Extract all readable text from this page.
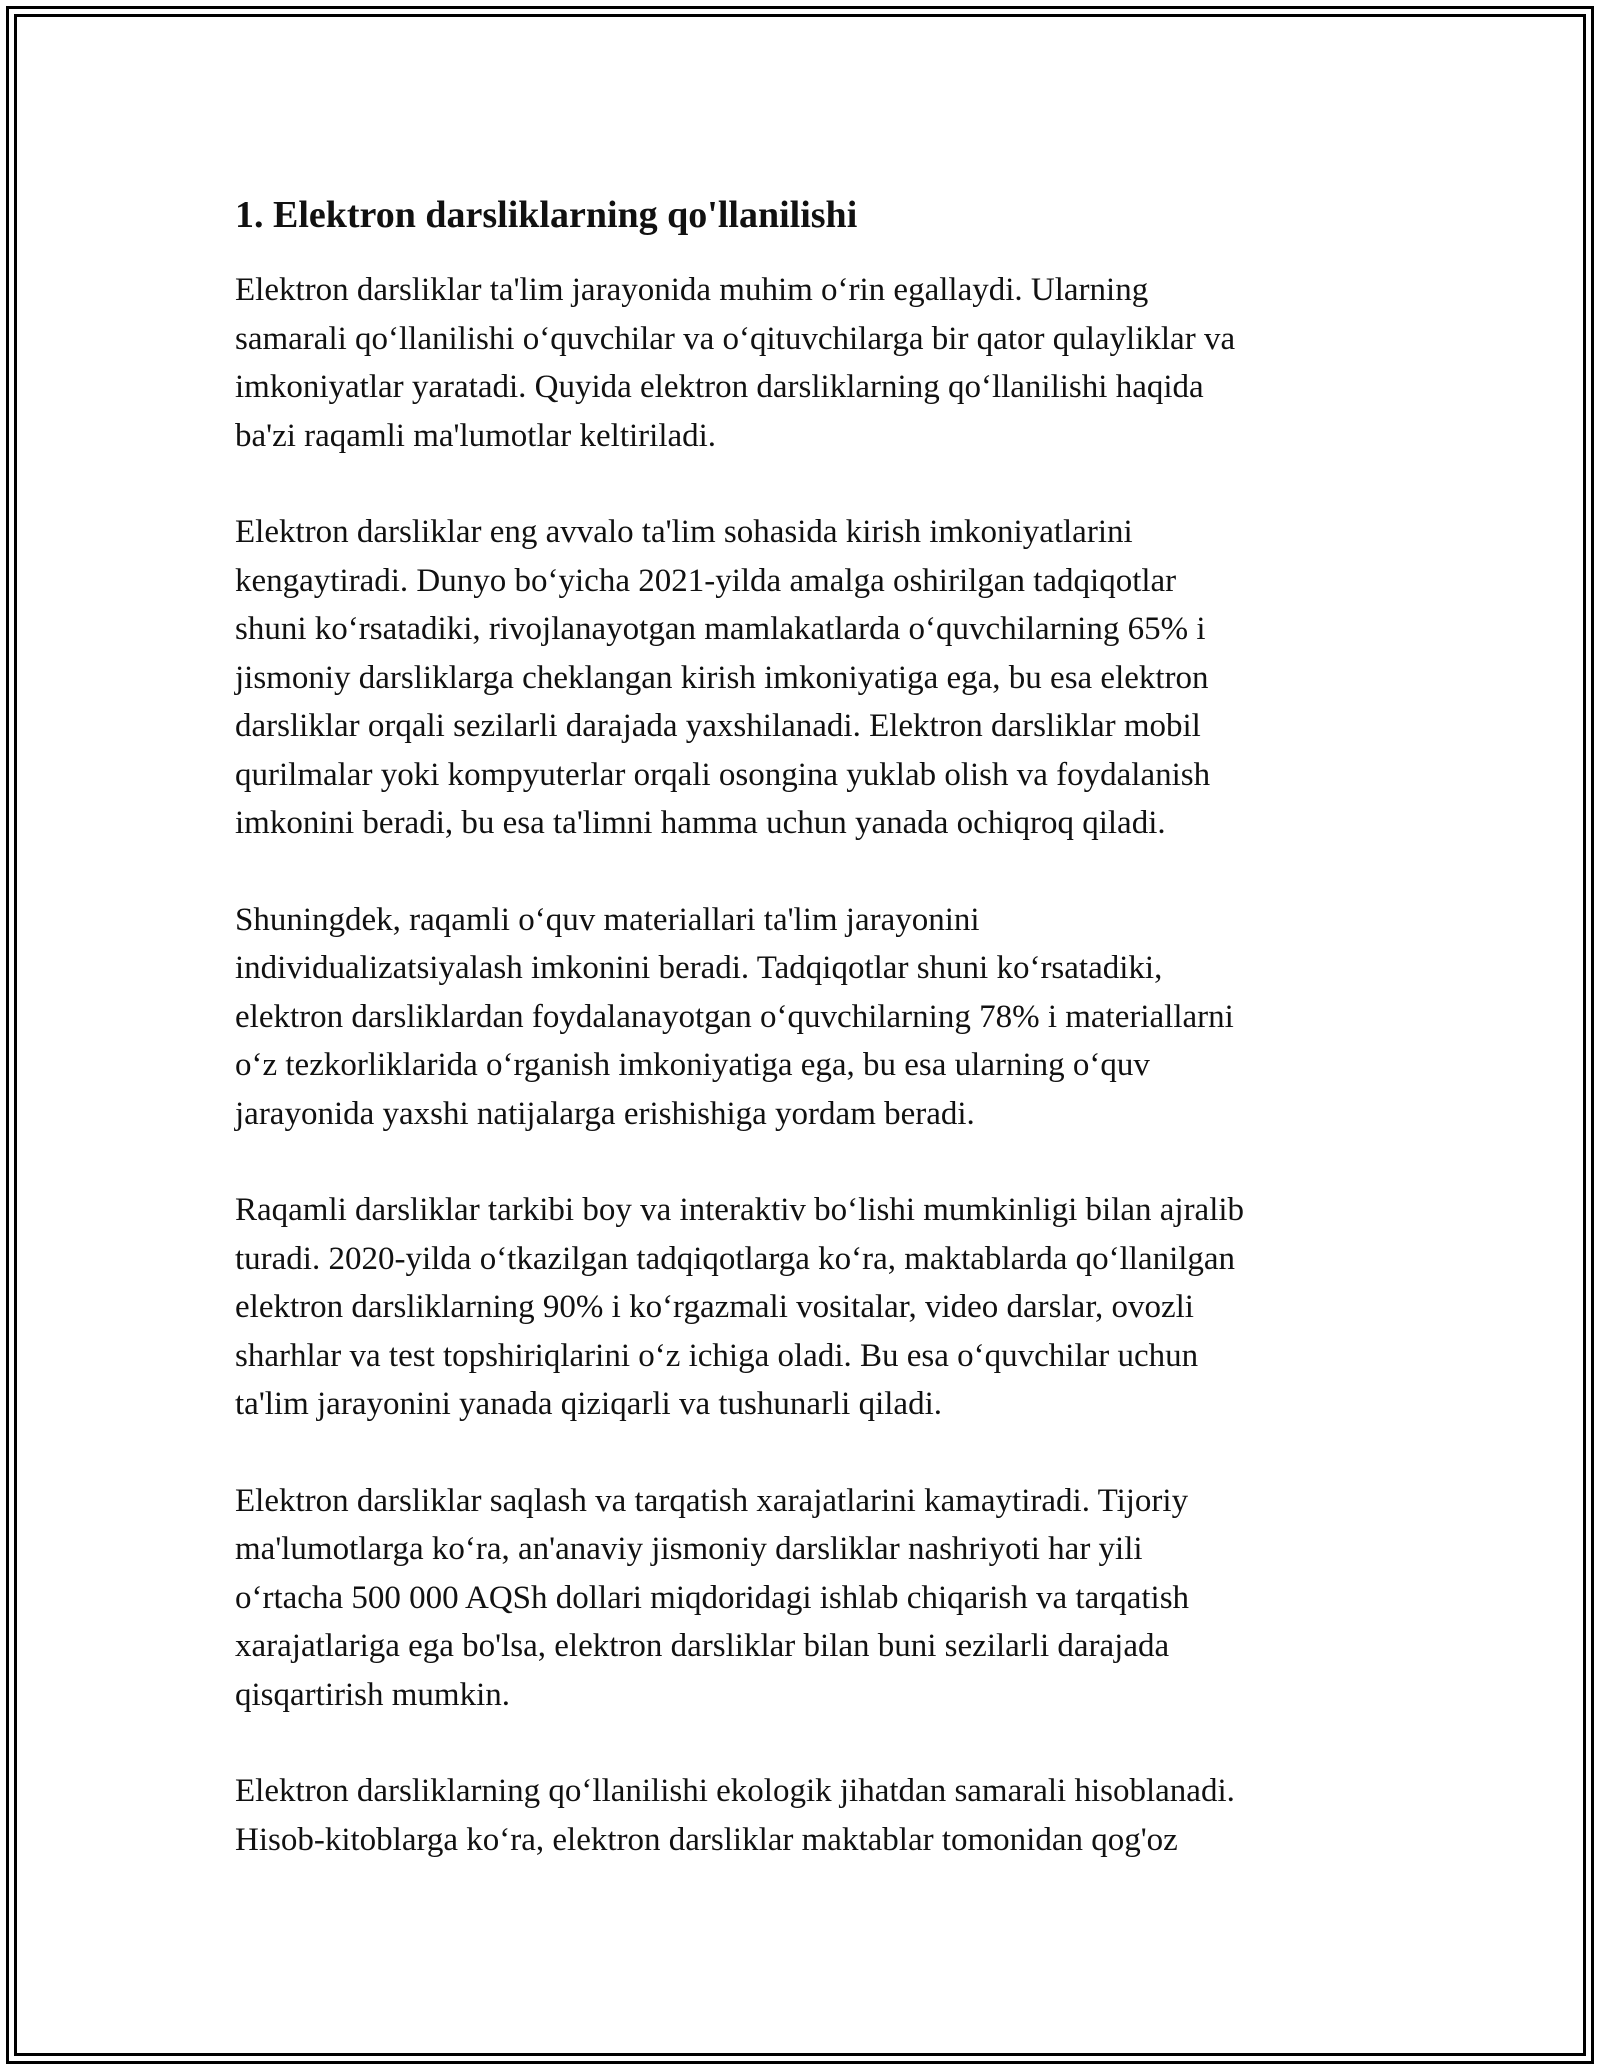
1. Elektron darsliklarning qo'llanilishi

Elektron darsliklar ta'lim jarayonida muhim oʻrin egallaydi. Ularning
samarali qoʻllanilishi oʻquvchilar va oʻqituvchilarga bir qator qulayliklar va
imkoniyatlar yaratadi. Quyida elektron darsliklarning qoʻllanilishi haqida
ba'zi raqamli ma'lumotlar keltiriladi.

Elektron darsliklar eng avvalo ta'lim sohasida kirish imkoniyatlarini
kengaytiradi. Dunyo boʻyicha 2021-yilda amalga oshirilgan tadqiqotlar
shuni koʻrsatadiki, rivojlanayotgan mamlakatlarda oʻquvchilarning 65% i
jismoniy darsliklarga cheklangan kirish imkoniyatiga ega, bu esa elektron
darsliklar orqali sezilarli darajada yaxshilanadi. Elektron darsliklar mobil
qurilmalar yoki kompyuterlar orqali osongina yuklab olish va foydalanish
imkonini beradi, bu esa ta'limni hamma uchun yanada ochiqroq qiladi.

Shuningdek, raqamli oʻquv materiallari ta'lim jarayonini
individualizatsiyalash imkonini beradi. Tadqiqotlar shuni koʻrsatadiki,
elektron darsliklardan foydalanayotgan oʻquvchilarning 78% i materiallarni
oʻz tezkorliklarida oʻrganish imkoniyatiga ega, bu esa ularning oʻquv
jarayonida yaxshi natijalarga erishishiga yordam beradi.

Raqamli darsliklar tarkibi boy va interaktiv boʻlishi mumkinligi bilan ajralib
turadi. 2020-yilda oʻtkazilgan tadqiqotlarga koʻra, maktablarda qoʻllanilgan
elektron darsliklarning 90% i koʻrgazmali vositalar, video darslar, ovozli
sharhlar va test topshiriqlarini oʻz ichiga oladi. Bu esa oʻquvchilar uchun
ta'lim jarayonini yanada qiziqarli va tushunarli qiladi.

Elektron darsliklar saqlash va tarqatish xarajatlarini kamaytiradi. Tijoriy
ma'lumotlarga koʻra, an'anaviy jismoniy darsliklar nashriyoti har yili
oʻrtacha 500 000 AQSh dollari miqdoridagi ishlab chiqarish va tarqatish
xarajatlariga ega bo'lsa, elektron darsliklar bilan buni sezilarli darajada
qisqartirish mumkin.

Elektron darsliklarning qoʻllanilishi ekologik jihatdan samarali hisoblanadi.
Hisob-kitoblarga koʻra, elektron darsliklar maktablar tomonidan qog'oz
